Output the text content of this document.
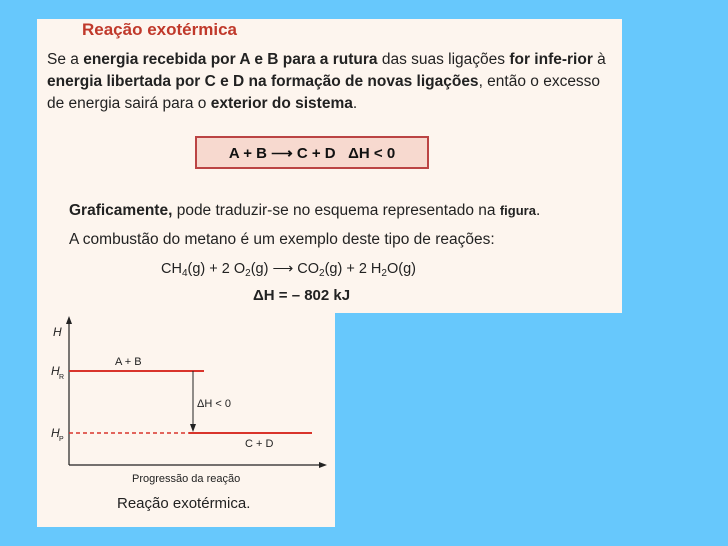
Reação exotérmica
Se a energia recebida por A e B para a rutura das suas ligações for infe-rior à energia libertada por C e D na formação de novas ligações, então o excesso de energia sairá para o exterior do sistema.
A + B ⟶ C + D   ΔH < 0
Graficamente, pode traduzir-se no esquema representado na figura.
A combustão do metano é um exemplo deste tipo de reações:
$CH_4(g) + 2$ $O_2(g)$ ⟶ $CO_2(g) + 2$ $H_2O(g)$
ΔH = – 802 kJ
H
H R
A + B
ΔH < 0
H P	C + D
Progressão da reação
Reação exotérmica.
